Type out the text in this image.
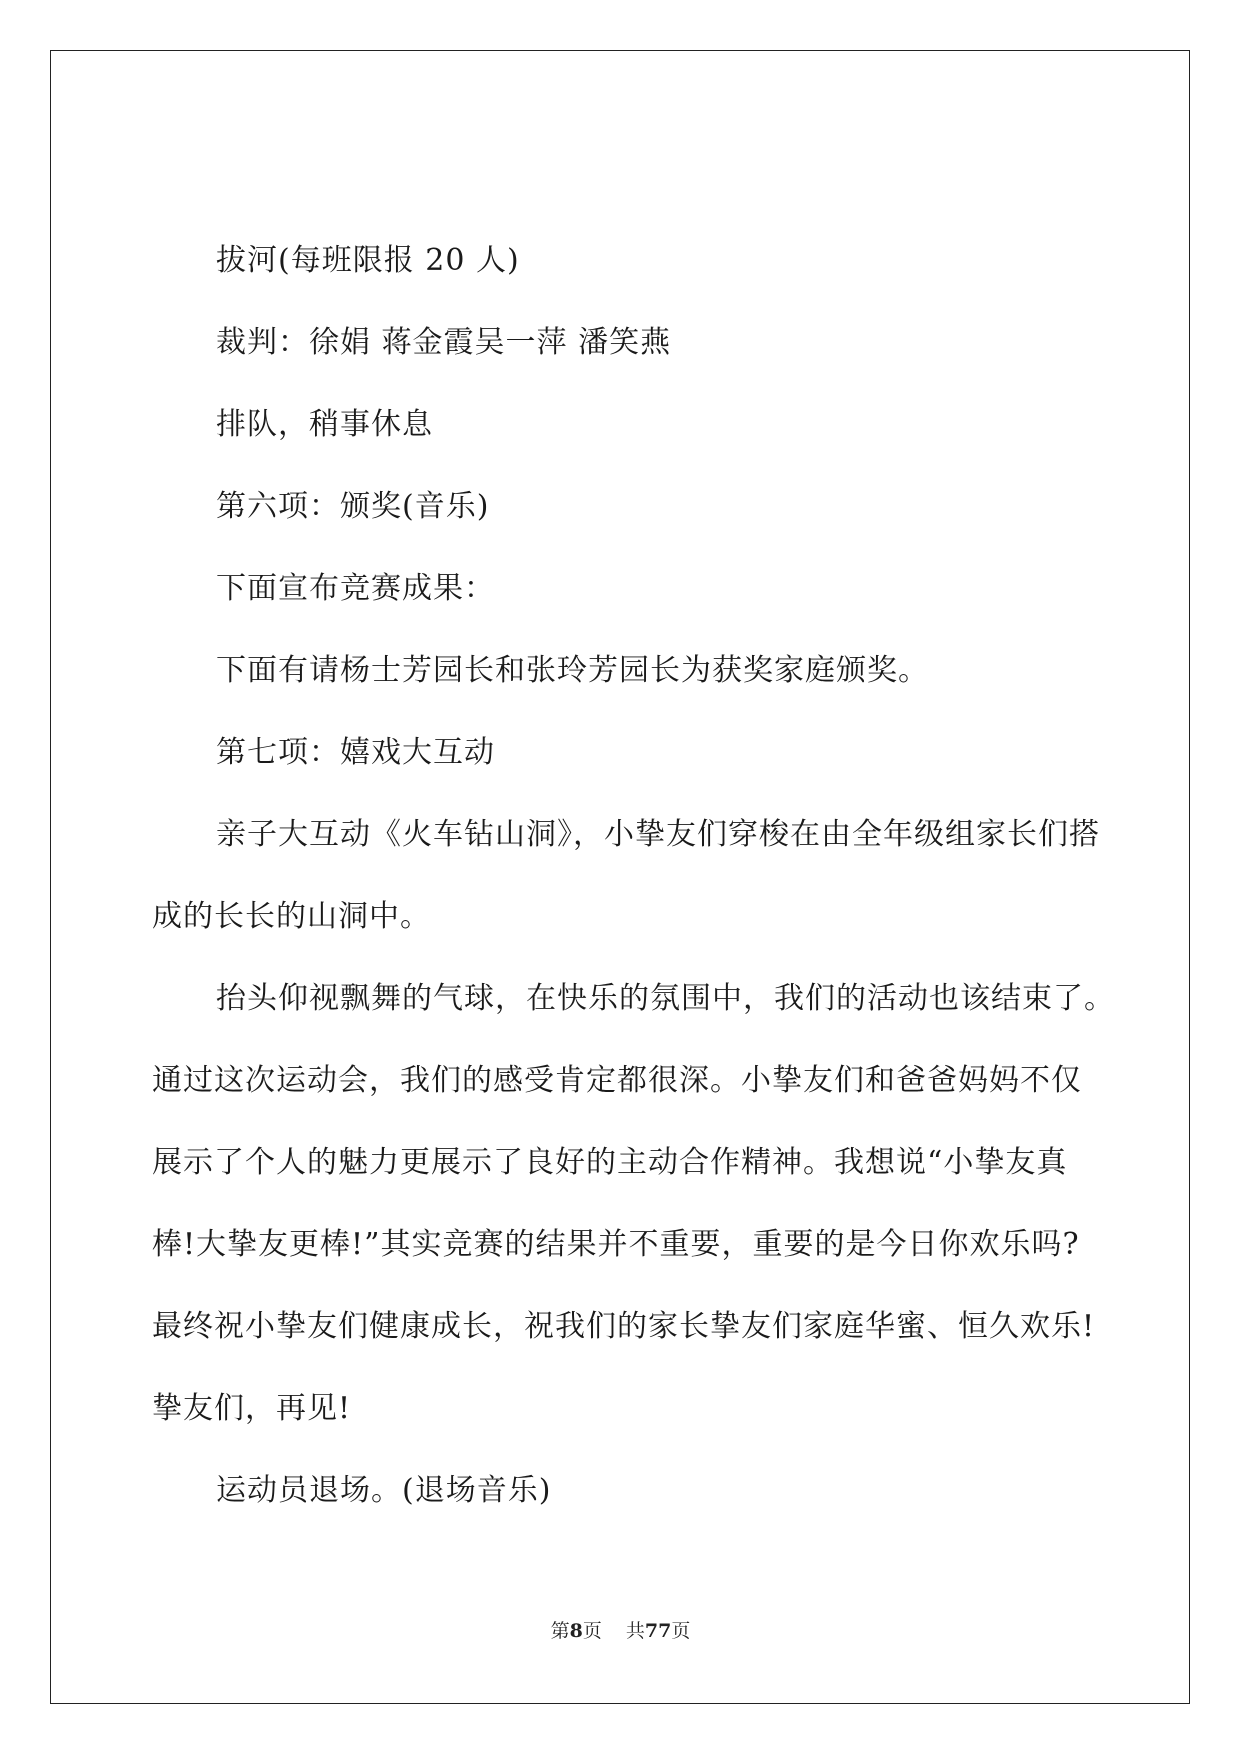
拔河(每班限报 20 人)

裁判：徐娟 蒋金霞吴一萍 潘笑燕

排队，稍事休息

第六项：颁奖(音乐)

下面宣布竞赛成果：

下面有请杨士芳园长和张玲芳园长为获奖家庭颁奖。

第七项：嬉戏大互动

亲子大互动《火车钻山洞》，小挚友们穿梭在由全年级组家长们搭

成的长长的山洞中。

抬头仰视飘舞的气球，在快乐的氛围中，我们的活动也该结束了。

通过这次运动会，我们的感受肯定都很深。小挚友们和爸爸妈妈不仅

展示了个人的魅力更展示了良好的主动合作精神。我想说“小挚友真

棒!大挚友更棒!”其实竞赛的结果并不重要，重要的是今日你欢乐吗?

最终祝小挚友们健康成长，祝我们的家长挚友们家庭华蜜、恒久欢乐!

挚友们，再见!

运动员退场。(退场音乐)

第8页 共77页
